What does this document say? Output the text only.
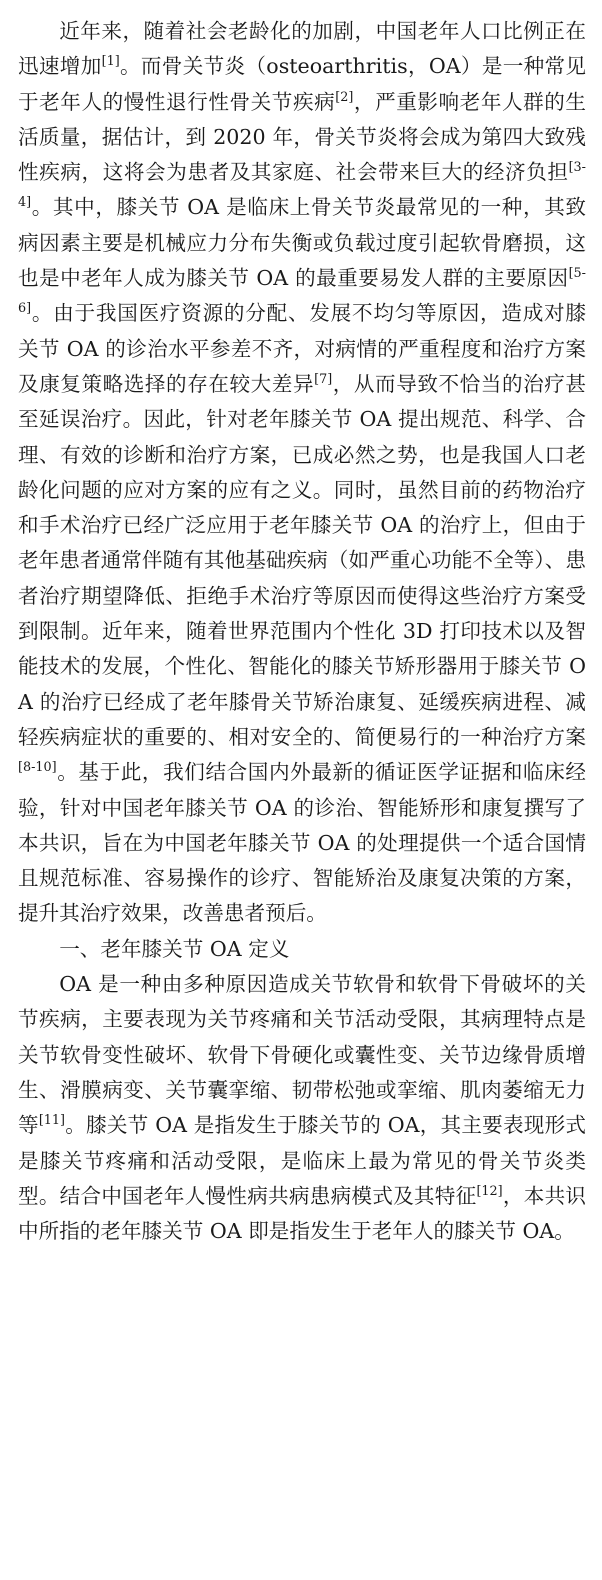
近年来，随着社会老龄化的加剧，中国老年人口比例正在迅速增加[1]。而骨关节炎（osteoarthritis，OA）是一种常见于老年人的慢性退行性骨关节疾病[2]，严重影响老年人群的生活质量，据估计，到 2020 年，骨关节炎将会成为第四大致残性疾病，这将会为患者及其家庭、社会带来巨大的经济负担[3-4]。其中，膝关节 OA 是临床上骨关节炎最常见的一种，其致病因素主要是机械应力分布失衡或负载过度引起软骨磨损，这也是中老年人成为膝关节 OA 的最重要易发人群的主要原因[5-6]。由于我国医疗资源的分配、发展不均匀等原因，造成对膝关节 OA 的诊治水平参差不齐，对病情的严重程度和治疗方案及康复策略选择的存在较大差异[7]，从而导致不恰当的治疗甚至延误治疗。因此，针对老年膝关节 OA 提出规范、科学、合理、有效的诊断和治疗方案，已成必然之势，也是我国人口老龄化问题的应对方案的应有之义。同时，虽然目前的药物治疗和手术治疗已经广泛应用于老年膝关节 OA 的治疗上，但由于老年患者通常伴随有其他基础疾病（如严重心功能不全等）、患者治疗期望降低、拒绝手术治疗等原因而使得这些治疗方案受到限制。近年来，随着世界范围内个性化 3D 打印技术以及智能技术的发展，个性化、智能化的膝关节矫形器用于膝关节 OA 的治疗已经成了老年膝骨关节矫治康复、延缓疾病进程、减轻疾病症状的重要的、相对安全的、简便易行的一种治疗方案[8-10]。基于此，我们结合国内外最新的循证医学证据和临床经验，针对中国老年膝关节 OA 的诊治、智能矫形和康复撰写了本共识，旨在为中国老年膝关节 OA 的处理提供一个适合国情且规范标准、容易操作的诊疗、智能矫治及康复决策的方案，提升其治疗效果，改善患者预后。

一、老年膝关节 OA 定义

OA 是一种由多种原因造成关节软骨和软骨下骨破坏的关节疾病，主要表现为关节疼痛和关节活动受限，其病理特点是关节软骨变性破坏、软骨下骨硬化或囊性变、关节边缘骨质增生、滑膜病变、关节囊挛缩、韧带松弛或挛缩、肌肉萎缩无力等[11]。膝关节 OA 是指发生于膝关节的 OA，其主要表现形式是膝关节疼痛和活动受限，是临床上最为常见的骨关节炎类型。结合中国老年人慢性病共病患病模式及其特征[12]，本共识中所指的老年膝关节 OA 即是指发生于老年人的膝关节 OA。
